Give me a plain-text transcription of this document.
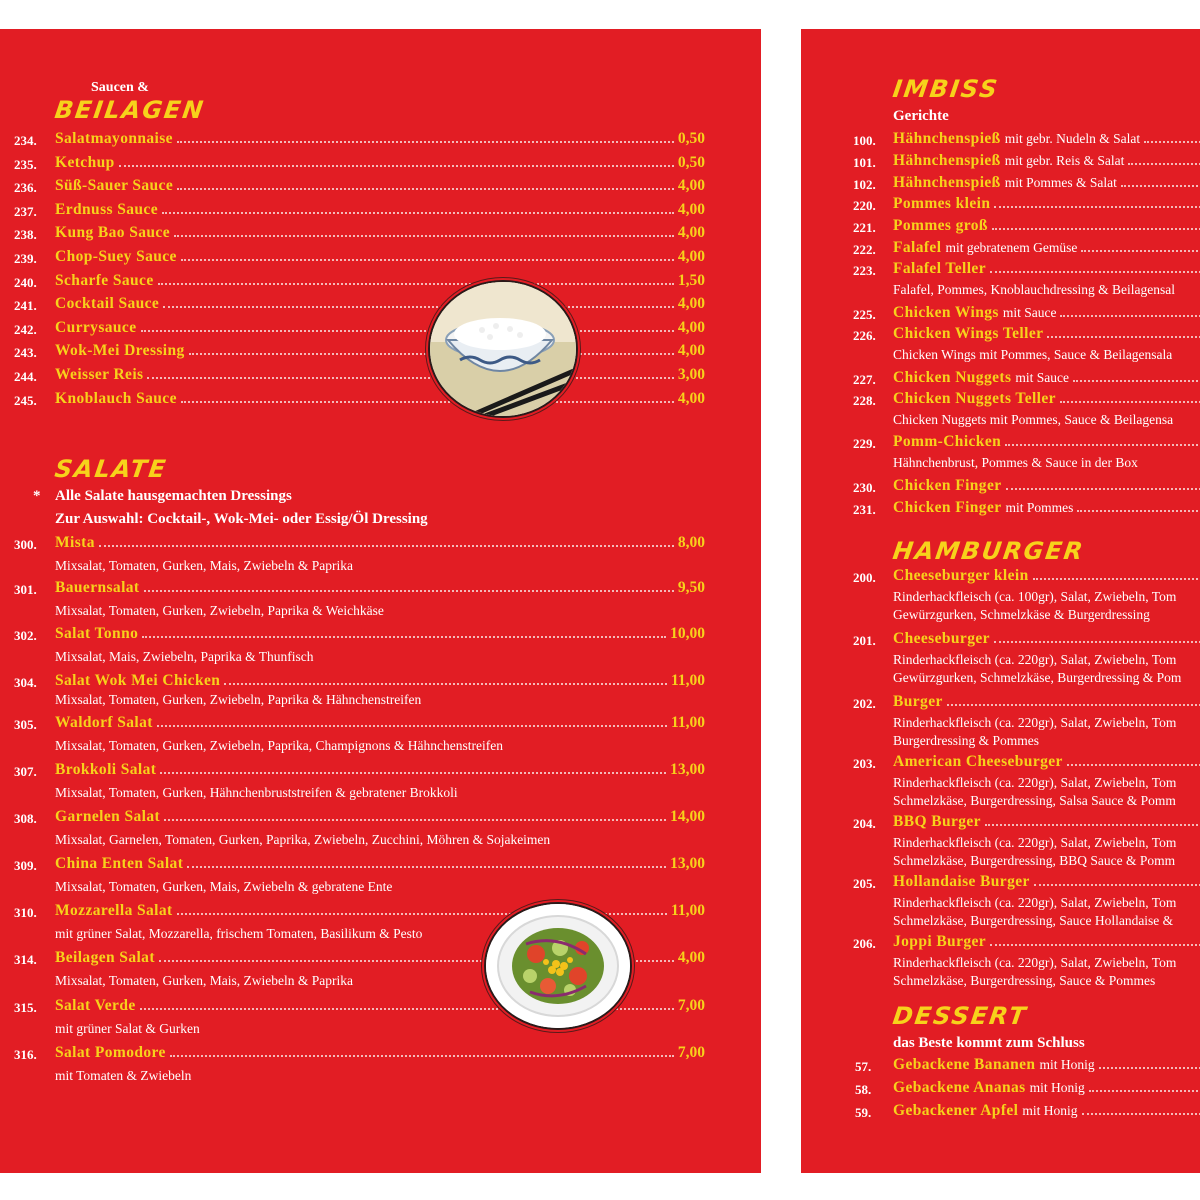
Saucen &
BEILAGEN
234. Salatmayonnaise	0,50
235. Ketchup	0,50
236. Süß-Sauer Sauce	4,00
237. Erdnuss Sauce	4,00
238. Kung Bao Sauce	4,00
239. Chop-Suey Sauce	4,00
240. Scharfe Sauce	1,50
241. Cocktail Sauce	4,00
242. Currysauce	4,00
243. Wok-Mei Dressing	4,00
244. Weisser Reis	3,00
245. Knoblauch Sauce	4,00
SALATE
* Alle Salate hausgemachten Dressings
Zur Auswahl: Cocktail-, Wok-Mei- oder Essig/Öl Dressing
300. Mista	8,00
Mixsalat, Tomaten, Gurken, Mais, Zwiebeln & Paprika
301. Bauernsalat	9,50
Mixsalat, Tomaten, Gurken, Zwiebeln, Paprika & Weichkäse
302. Salat Tonno	10,00
Mixsalat, Mais, Zwiebeln, Paprika & Thunfisch
304. Salat Wok Mei Chicken	11,00
Mixsalat, Tomaten, Gurken, Zwiebeln, Paprika & Hähnchenstreifen
305. Waldorf Salat	11,00
Mixsalat, Tomaten, Gurken, Zwiebeln, Paprika, Champignons & Hähnchenstreifen
307. Brokkoli Salat	13,00
Mixsalat, Tomaten, Gurken, Hähnchenbruststreifen & gebratener Brokkoli
308. Garnelen Salat	14,00
Mixsalat, Garnelen, Tomaten, Gurken, Paprika, Zwiebeln, Zucchini, Möhren & Sojakeimen
309. China Enten Salat	13,00
Mixsalat, Tomaten, Gurken, Mais, Zwiebeln & gebratene Ente
310. Mozzarella Salat	11,00
mit grüner Salat, Mozzarella, frischem Tomaten, Basilikum & Pesto
314. Beilagen Salat	4,00
Mixsalat, Tomaten, Gurken, Mais, Zwiebeln & Paprika
315. Salat Verde	7,00
mit grüner Salat & Gurken
316. Salat Pomodore	7,00
mit Tomaten & Zwiebeln
IMBISS
Gerichte
100. Hähnchenspieß mit gebr. Nudeln & Salat
101. Hähnchenspieß mit gebr. Reis & Salat
102. Hähnchenspieß mit Pommes & Salat
220. Pommes klein
221. Pommes groß
222. Falafel mit gebratenem Gemüse
223. Falafel Teller
Falafel, Pommes, Knoblauchdressing & Beilagensal
225. Chicken Wings mit Sauce
226. Chicken Wings Teller
Chicken Wings mit Pommes, Sauce & Beilagensala
227. Chicken Nuggets mit Sauce
228. Chicken Nuggets Teller
Chicken Nuggets mit Pommes, Sauce & Beilagensa
229. Pomm-Chicken
Hähnchenbrust, Pommes & Sauce in der Box
230. Chicken Finger
231. Chicken Finger mit Pommes
HAMBURGER
200. Cheeseburger klein
Rinderhackfleisch (ca. 100gr), Salat, Zwiebeln, Tom
Gewürzgurken, Schmelzkäse & Burgerdressing
201. Cheeseburger
Rinderhackfleisch (ca. 220gr), Salat, Zwiebeln, Tom
Gewürzgurken, Schmelzkäse, Burgerdressing & Pom
202. Burger
Rinderhackfleisch (ca. 220gr), Salat, Zwiebeln, Tom
Burgerdressing & Pommes
203. American Cheeseburger
Rinderhackfleisch (ca. 220gr), Salat, Zwiebeln, Tom
Schmelzkäse, Burgerdressing, Salsa Sauce & Pomm
204. BBQ Burger
Rinderhackfleisch (ca. 220gr), Salat, Zwiebeln, Tom
Schmelzkäse, Burgerdressing, BBQ Sauce & Pomm
205. Hollandaise Burger
Rinderhackfleisch (ca. 220gr), Salat, Zwiebeln, Tom
Schmelzkäse, Burgerdressing, Sauce Hollandaise &
206. Joppi Burger
Rinderhackfleisch (ca. 220gr), Salat, Zwiebeln, Tom
Schmelzkäse, Burgerdressing, Sauce & Pommes
DESSERT
das Beste kommt zum Schluss
57. Gebackene Bananen mit Honig
58. Gebackene Ananas mit Honig
59. Gebackener Apfel mit Honig
